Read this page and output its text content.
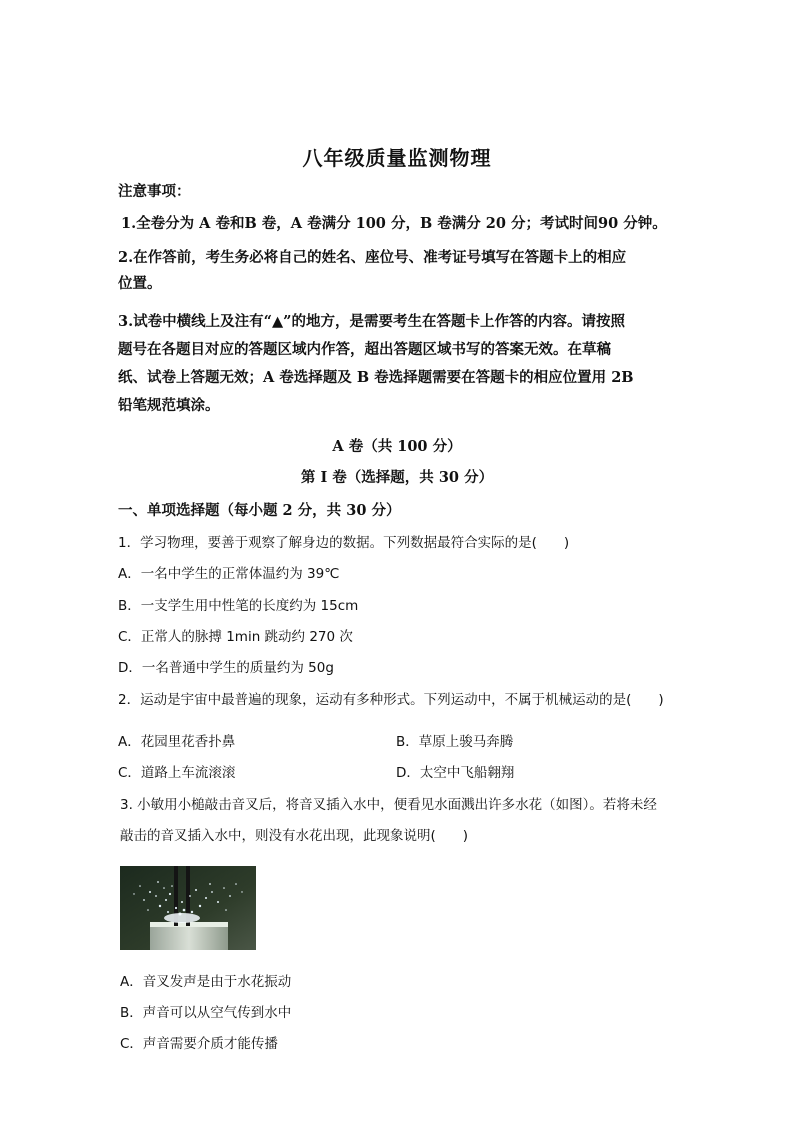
八年级质量监测物理
注意事项：
1.全卷分为 A 卷和B 卷，A 卷满分 100 分，B 卷满分 20 分；考试时间90 分钟。
2.在作答前，考生务必将自己的姓名、座位号、准考证号填写在答题卡上的相应
位置。
3.试卷中横线上及注有“▲”的地方，是需要考生在答题卡上作答的内容。请按照
题号在各题目对应的答题区域内作答，超出答题区域书写的答案无效。在草稿
纸、试卷上答题无效；A 卷选择题及 B 卷选择题需要在答题卡的相应位置用 2B
铅笔规范填涂。
A 卷（共 100 分）
第 I 卷（选择题，共 30 分）
一、单项选择题（每小题 2 分，共 30 分）
1．学习物理，要善于观察了解身边的数据。下列数据最符合实际的是(　　)
A．一名中学生的正常体温约为 39℃
B．一支学生用中性笔的长度约为 15cm
C．正常人的脉搏 1min 跳动约 270 次
D．一名普通中学生的质量约为 50g
2．运动是宇宙中最普遍的现象，运动有多种形式。下列运动中，不属于机械运动的是(　　)
A．花园里花香扑鼻	B．草原上骏马奔腾
C．道路上车流滚滚	D．太空中飞船翱翔
3. 小敏用小槌敲击音叉后，将音叉插入水中，便看见水面溅出许多水花（如图）。若将未经
敲击的音叉插入水中，则没有水花出现，此现象说明(　　)
A．音叉发声是由于水花振动
B．声音可以从空气传到水中
C．声音需要介质才能传播
